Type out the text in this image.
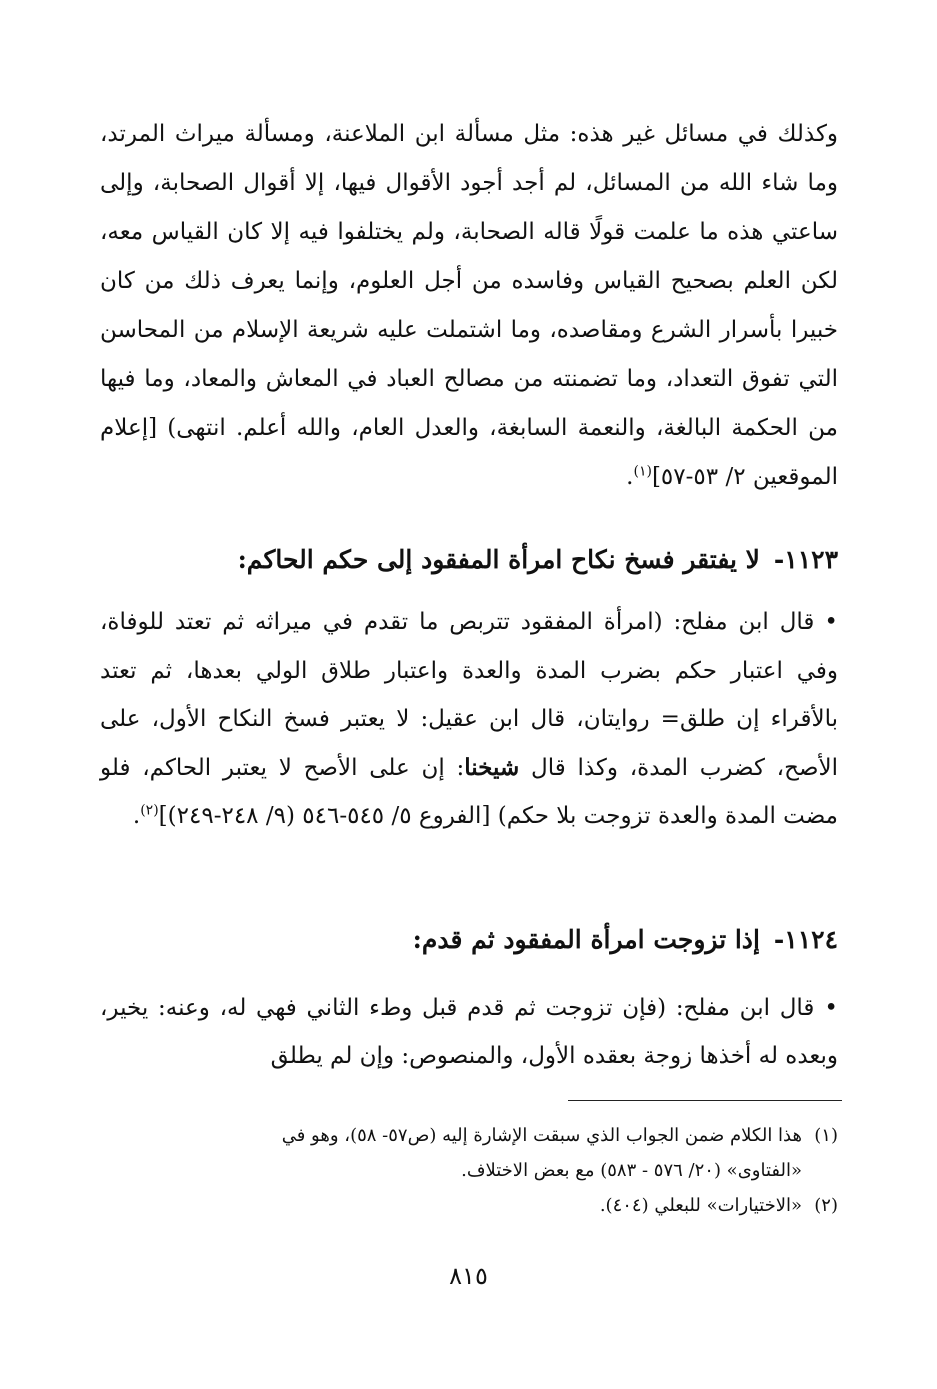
وكذلك في مسائل غير هذه: مثل مسألة ابن الملاعنة، ومسألة ميراث المرتد، وما شاء الله من المسائل، لم أجد أجود الأقوال فيها، إلا أقوال الصحابة، وإلى ساعتي هذه ما علمت قولًا قاله الصحابة، ولم يختلفوا فيه إلا كان القياس معه، لكن العلم بصحيح القياس وفاسده من أجل العلوم، وإنما يعرف ذلك من كان خبيرا بأسرار الشرع ومقاصده، وما اشتملت عليه شريعة الإسلام من المحاسن التي تفوق التعداد، وما تضمنته من مصالح العباد في المعاش والمعاد، وما فيها من الحكمة البالغة، والنعمة السابغة، والعدل العام، والله أعلم. انتهى) [إعلام الموقعين ٢/ ٥٣-٥٧]$^{(١)}$.

١١٢٣-لا يفتقر فسخ نكاح امرأة المفقود إلى حكم الحاكم:

•قال ابن مفلح: (امرأة المفقود تتربص ما تقدم في ميراثه ثم تعتد للوفاة، وفي اعتبار حكم بضرب المدة والعدة واعتبار طلاق الولي بعدها، ثم تعتد بالأقراء إن طلق= روايتان، قال ابن عقيل: لا يعتبر فسخ النكاح الأول، على الأصح، كضرب المدة، وكذا قال شيخنا: إن على الأصح لا يعتبر الحاكم، فلو مضت المدة والعدة تزوجت بلا حكم) [الفروع ٥/ ٥٤٥-٥٤٦ (٩/ ٢٤٨-٢٤٩)]$^{(٢)}$.

١١٢٤-إذا تزوجت امرأة المفقود ثم قدم:

•قال ابن مفلح: (فإن تزوجت ثم قدم قبل وطء الثاني فهي له، وعنه: يخير، وبعده له أخذها زوجة بعقده الأول، والمنصوص: وإن لم يطلق

(١)هذا الكلام ضمن الجواب الذي سبقت الإشارة إليه (ص٥٧- ٥٨)، وهو في

«الفتاوى» (٢٠/ ٥٧٦ - ٥٨٣) مع بعض الاختلاف.

(٢)«الاختيارات» للبعلي (٤٠٤).

٨١٥
